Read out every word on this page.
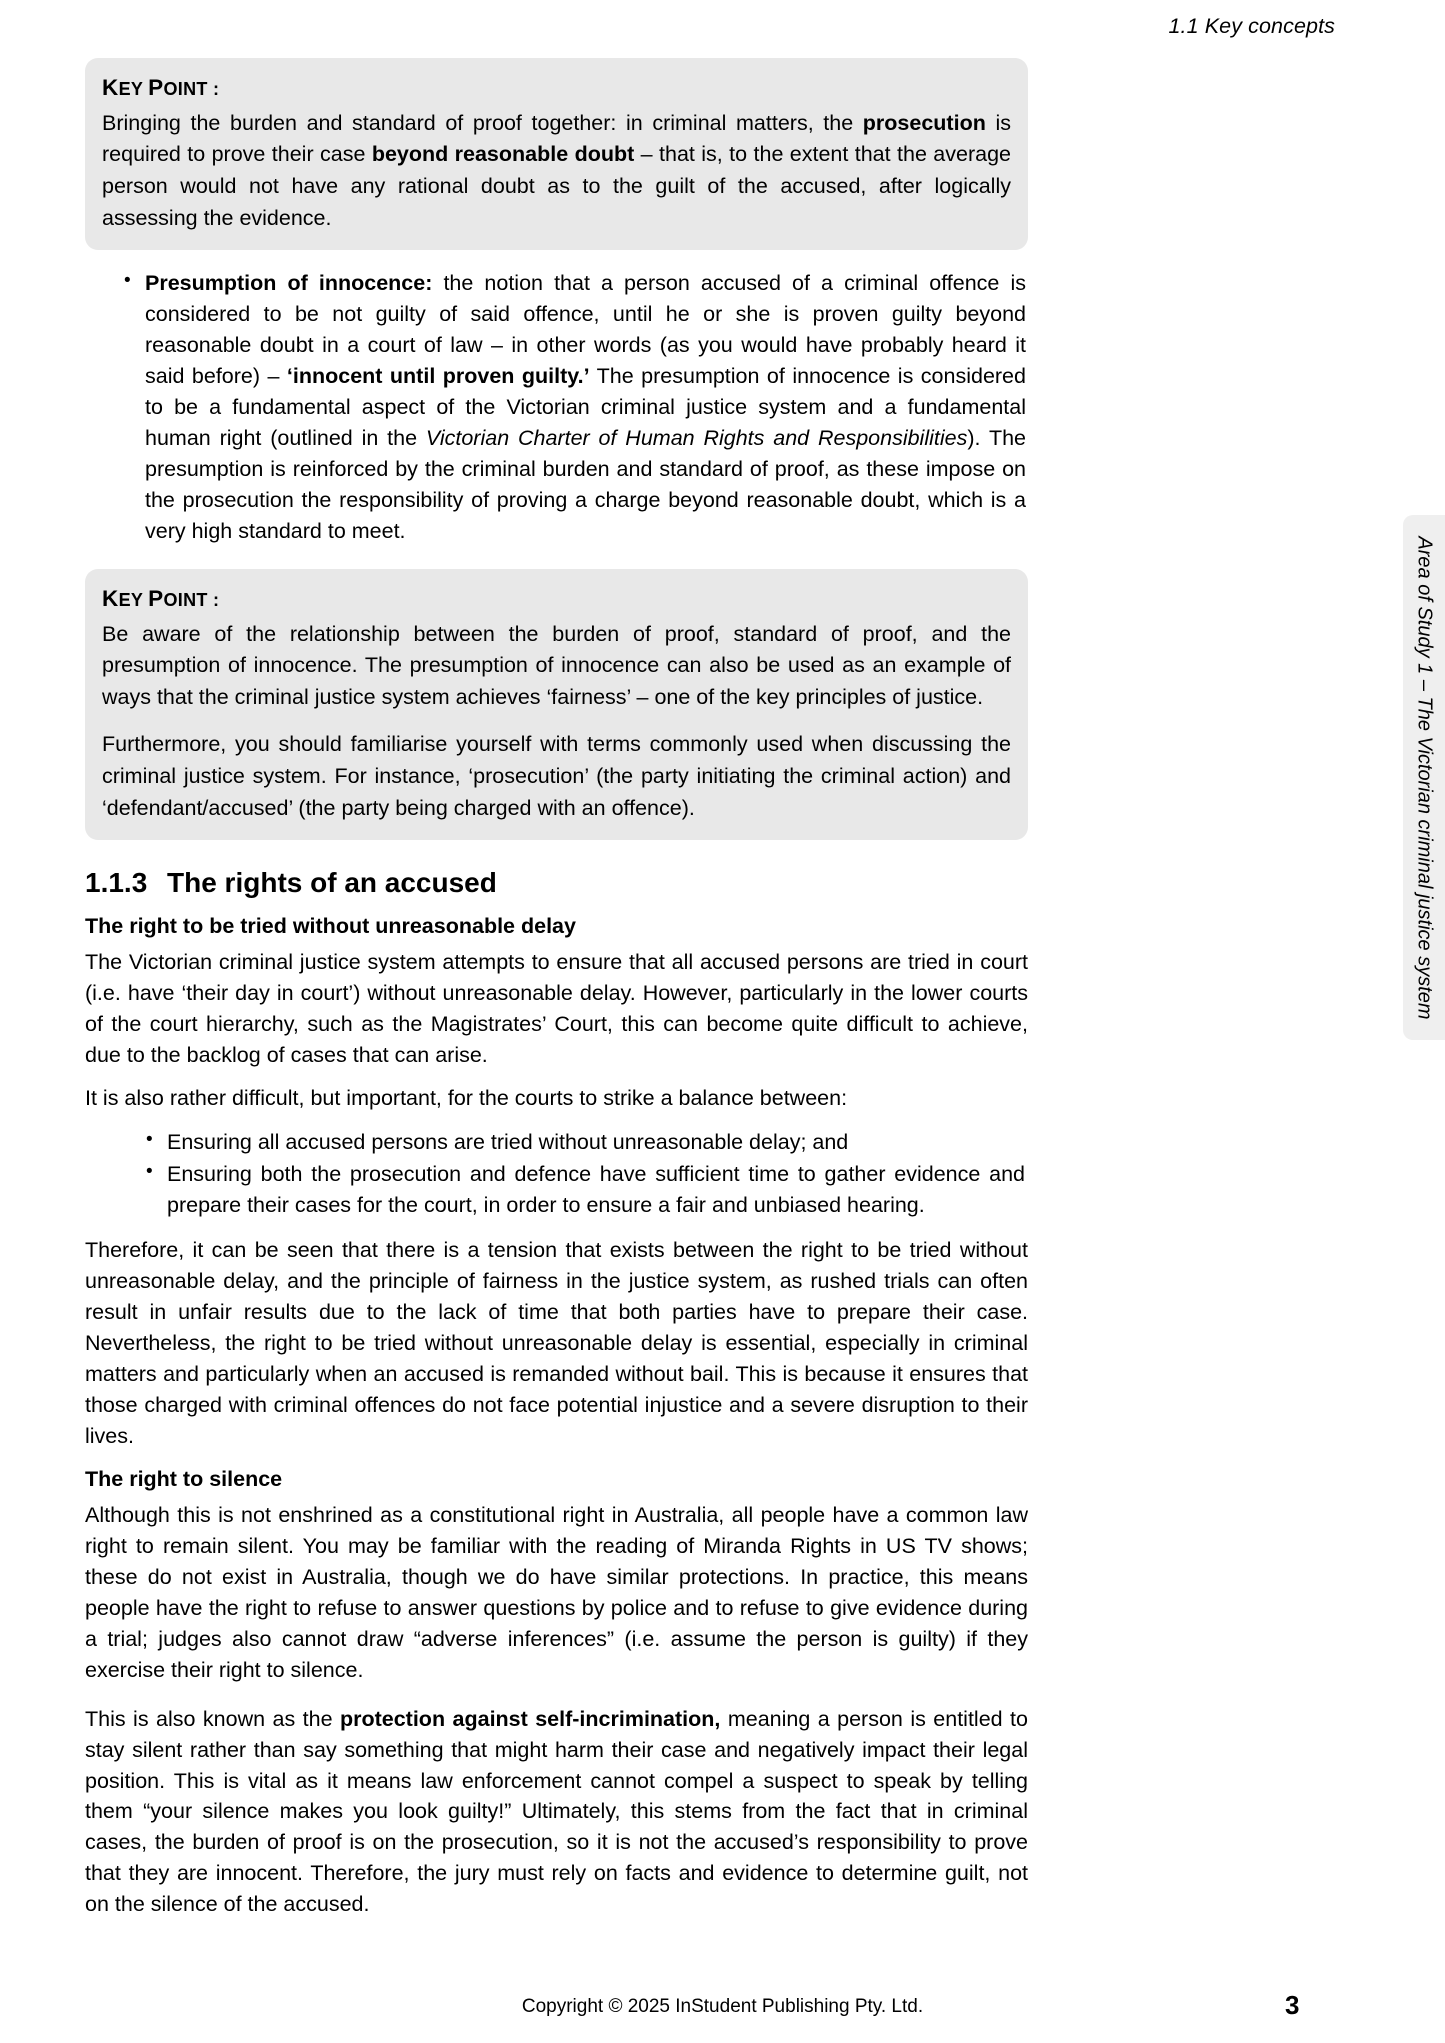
1.1 Key concepts
Area of Study 1 – The Victorian criminal justice system
KEY POINT :

Bringing the burden and standard of proof together: in criminal matters, the prosecution is required to prove their case beyond reasonable doubt – that is, to the extent that the average person would not have any rational doubt as to the guilt of the accused, after logically assessing the evidence.

• Presumption of innocence: the notion that a person accused of a criminal offence is considered to be not guilty of said offence, until he or she is proven guilty beyond reasonable doubt in a court of law – in other words (as you would have probably heard it said before) – ‘innocent until proven guilty.’ The presumption of innocence is considered to be a fundamental aspect of the Victorian criminal justice system and a fundamental human right (outlined in the Victorian Charter of Human Rights and Responsibilities). The presumption is reinforced by the criminal burden and standard of proof, as these impose on the prosecution the responsibility of proving a charge beyond reasonable doubt, which is a very high standard to meet.
KEY POINT :

Be aware of the relationship between the burden of proof, standard of proof, and the presumption of innocence. The presumption of innocence can also be used as an example of ways that the criminal justice system achieves ‘fairness’ – one of the key principles of justice.

Furthermore, you should familiarise yourself with terms commonly used when discussing the criminal justice system. For instance, ‘prosecution’ (the party initiating the criminal action) and ‘defendant/accused’ (the party being charged with an offence).

1.1.3 The rights of an accused
The right to be tried without unreasonable delay

The Victorian criminal justice system attempts to ensure that all accused persons are tried in court (i.e. have ‘their day in court’) without unreasonable delay. However, particularly in the lower courts of the court hierarchy, such as the Magistrates’ Court, this can become quite difficult to achieve, due to the backlog of cases that can arise.

It is also rather difficult, but important, for the courts to strike a balance between:

• Ensuring all accused persons are tried without unreasonable delay; and
• Ensuring both the prosecution and defence have sufficient time to gather evidence and prepare their cases for the court, in order to ensure a fair and unbiased hearing.

Therefore, it can be seen that there is a tension that exists between the right to be tried without unreasonable delay, and the principle of fairness in the justice system, as rushed trials can often result in unfair results due to the lack of time that both parties have to prepare their case. Nevertheless, the right to be tried without unreasonable delay is essential, especially in criminal matters and particularly when an accused is remanded without bail. This is because it ensures that those charged with criminal offences do not face potential injustice and a severe disruption to their lives.

The right to silence

Although this is not enshrined as a constitutional right in Australia, all people have a common law right to remain silent. You may be familiar with the reading of Miranda Rights in US TV shows; these do not exist in Australia, though we do have similar protections. In practice, this means people have the right to refuse to answer questions by police and to refuse to give evidence during a trial; judges also cannot draw “adverse inferences” (i.e. assume the person is guilty) if they exercise their right to silence.

This is also known as the protection against self-incrimination, meaning a person is entitled to stay silent rather than say something that might harm their case and negatively impact their legal position. This is vital as it means law enforcement cannot compel a suspect to speak by telling them “your silence makes you look guilty!” Ultimately, this stems from the fact that in criminal cases, the burden of proof is on the prosecution, so it is not the accused’s responsibility to prove that they are innocent. Therefore, the jury must rely on facts and evidence to determine guilt, not on the silence of the accused.

Copyright © 2025 InStudent Publishing Pty. Ltd.	3
